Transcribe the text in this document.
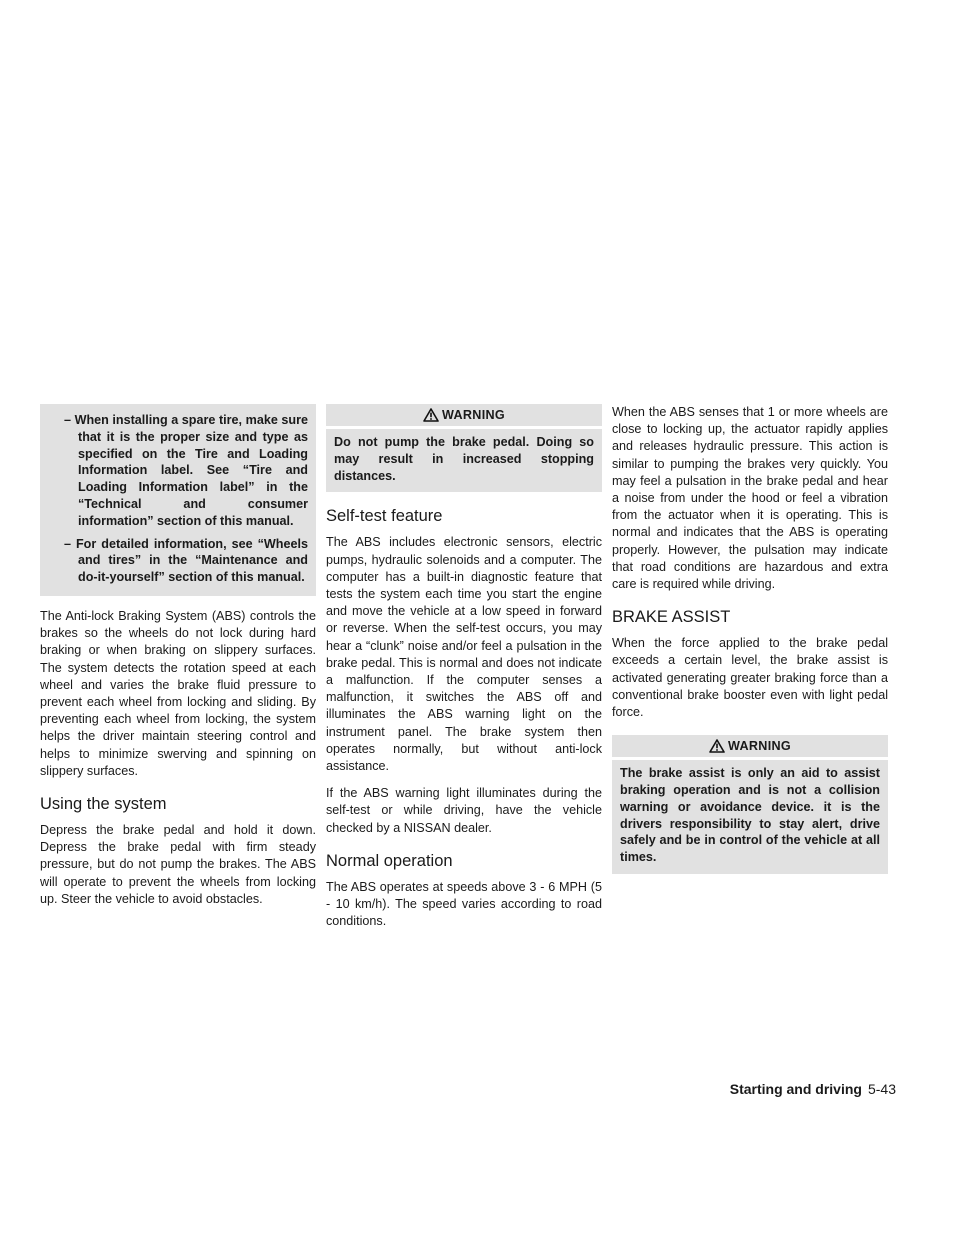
– When installing a spare tire, make sure that it is the proper size and type as specified on the Tire and Loading Information label. See “Tire and Loading Information label” in the “Technical and consumer information” section of this manual.
– For detailed information, see “Wheels and tires” in the “Maintenance and do-it-yourself” section of this manual.

The Anti-lock Braking System (ABS) controls the brakes so the wheels do not lock during hard braking or when braking on slippery surfaces. The system detects the rotation speed at each wheel and varies the brake fluid pressure to prevent each wheel from locking and sliding. By preventing each wheel from locking, the system helps the driver maintain steering control and helps to minimize swerving and spinning on slippery surfaces.

Using the system

Depress the brake pedal and hold it down. Depress the brake pedal with firm steady pressure, but do not pump the brakes. The ABS will operate to prevent the wheels from locking up. Steer the vehicle to avoid obstacles.

WARNING
Do not pump the brake pedal. Doing so may result in increased stopping distances.
Self-test feature

The ABS includes electronic sensors, electric pumps, hydraulic solenoids and a computer. The computer has a built-in diagnostic feature that tests the system each time you start the engine and move the vehicle at a low speed in forward or reverse. When the self-test occurs, you may hear a “clunk” noise and/or feel a pulsation in the brake pedal. This is normal and does not indicate a malfunction. If the computer senses a malfunction, it switches the ABS off and illuminates the ABS warning light on the instrument panel. The brake system then operates normally, but without anti-lock assistance.

If the ABS warning light illuminates during the self-test or while driving, have the vehicle checked by a NISSAN dealer.

Normal operation

The ABS operates at speeds above 3 - 6 MPH (5 - 10 km/h). The speed varies according to road conditions.

When the ABS senses that 1 or more wheels are close to locking up, the actuator rapidly applies and releases hydraulic pressure. This action is similar to pumping the brakes very quickly. You may feel a pulsation in the brake pedal and hear a noise from under the hood or feel a vibration from the actuator when it is operating. This is normal and indicates that the ABS is operating properly. However, the pulsation may indicate that road conditions are hazardous and extra care is required while driving.

BRAKE ASSIST

When the force applied to the brake pedal exceeds a certain level, the brake assist is activated generating greater braking force than a conventional brake booster even with light pedal force.

WARNING
The brake assist is only an aid to assist braking operation and is not a collision warning or avoidance device. it is the drivers responsibility to stay alert, drive safely and be in control of the vehicle at all times.
Starting and driving 5-43
